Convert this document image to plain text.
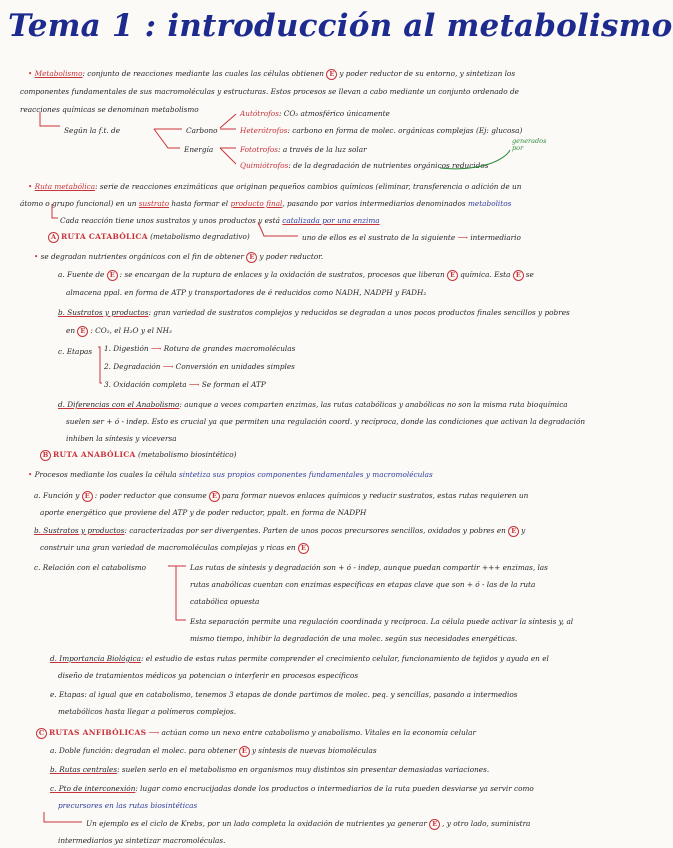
Tema 1 : introducción al metabolismo
• Metabolismo: conjunto de reacciones mediante las cuales las células obtienen E y poder reductor de su entorno, y sintetizan los
componentes fundamentales de sus macromoléculas y estructuras. Estos procesos se llevan a cabo mediante un conjunto ordenado de
reacciones químicas se denominan metabolismo
Según la f.t. de	Carbono
Energía
Autótrofos: CO₂ atmosférico únicamente
Heterótrofos: carbono en forma de molec. orgánicas complejas (Ej: glucosa)
Fototrofos: a través de la luz solar
Quimiótrofos: de la degradación de nutrientes orgánicos reducidos
generados por
• Ruta metabólica: serie de reacciones enzimáticas que originan pequeños cambios químicos (eliminar, transferencia o adición de un
átomo o grupo funcional) en un sustrato hasta formar el producto final, pasando por varios intermediarios denominados metabolitos
Cada reacción tiene unos sustratos y unos productos y está catalizada por una enzima
uno de ellos es el sustrato de la siguiente ⟶ intermediario
A RUTA CATABÓLICA (metabolismo degradativo)
• se degradan nutrientes orgánicos con el fin de obtener E y poder reductor.
a. Fuente de E : se encargan de la ruptura de enlaces y la oxidación de sustratos, procesos que liberan E química. Esta E se
almacena ppal. en forma de ATP y transportadores de é reducidos como NADH, NADPH y FADH₂
b. Sustratos y productos: gran variedad de sustratos complejos y reducidos se degradan a unos pocos productos finales sencillos y pobres
en E : CO₂, el H₂O y el NH₃
c. Etapas 1. Digestión ⟶ Rotura de grandes macromoléculas
2. Degradación ⟶ Conversión en unidades simples
3. Oxidación completa ⟶ Se forman el ATP
d. Diferencias con el Anabolismo: aunque a veces comparten enzimas, las rutas catabólicas y anabólicas no son la misma ruta bioquímica
suelen ser + ó - indep. Esto es crucial ya que permiten una regulación coord. y recíproca, donde las condiciones que activan la degradación
inhiben la síntesis y viceversa
B RUTA ANABÓLICA (metabolismo biosintético)
• Procesos mediante los cuales la célula sintetiza sus propios componentes fundamentales y macromoléculas
a. Función y E : poder reductor que consume E para formar nuevos enlaces químicos y reducir sustratos, estas rutas requieren un
aporte energético que proviene del ATP y de poder reductor, ppalt. en forma de NADPH
b. Sustratos y productos: caracterizadas por ser divergentes. Parten de unos pocos precursores sencillos, oxidados y pobres en E y
construir una gran variedad de macromoléculas complejas y ricas en E
c. Relación con el catabolismo	Las rutas de síntesis y degradación son + ó - indep, aunque puedan compartir +++ enzimas, las
rutas anabólicas cuentan con enzimas específicas en etapas clave que son + ó - las de la ruta
catabólica opuesta
Esta separación permite una regulación coordinada y recíproca. La célula puede activar la síntesis y, al
mismo tiempo, inhibir la degradación de una molec. según sus necesidades energéticas.
d. Importancia Biológica: el estudio de estas rutas permite comprender el crecimiento celular, funcionamiento de tejidos y ayuda en el
diseño de tratamientos médicos ya potencian o interferir en procesos específicos
e. Etapas: al igual que en catabolismo, tenemos 3 etapas de donde partimos de molec. peq. y sencillas, pasando a intermedios
metabólicos hasta llegar a polímeros complejos.
C RUTAS ANFIBÓLICAS ⟶ actúan como un nexo entre catabolismo y anabolismo. Vitales en la economía celular
a. Doble función: degradan el molec. para obtener E y síntesis de nuevas biomoléculas
b. Rutas centrales: suelen serlo en el metabolismo en organismos muy distintos sin presentar demasiadas variaciones.
c. Pto de interconexión: lugar como encrucijadas donde los productos o intermediarios de la ruta pueden desviarse ya servir como
precursores en las rutas biosintéticas
Un ejemplo es el ciclo de Krebs, por un lado completa la oxidación de nutrientes ya generar E , y otro lado, suministra
intermediarios ya sintetizar macromoléculas.
